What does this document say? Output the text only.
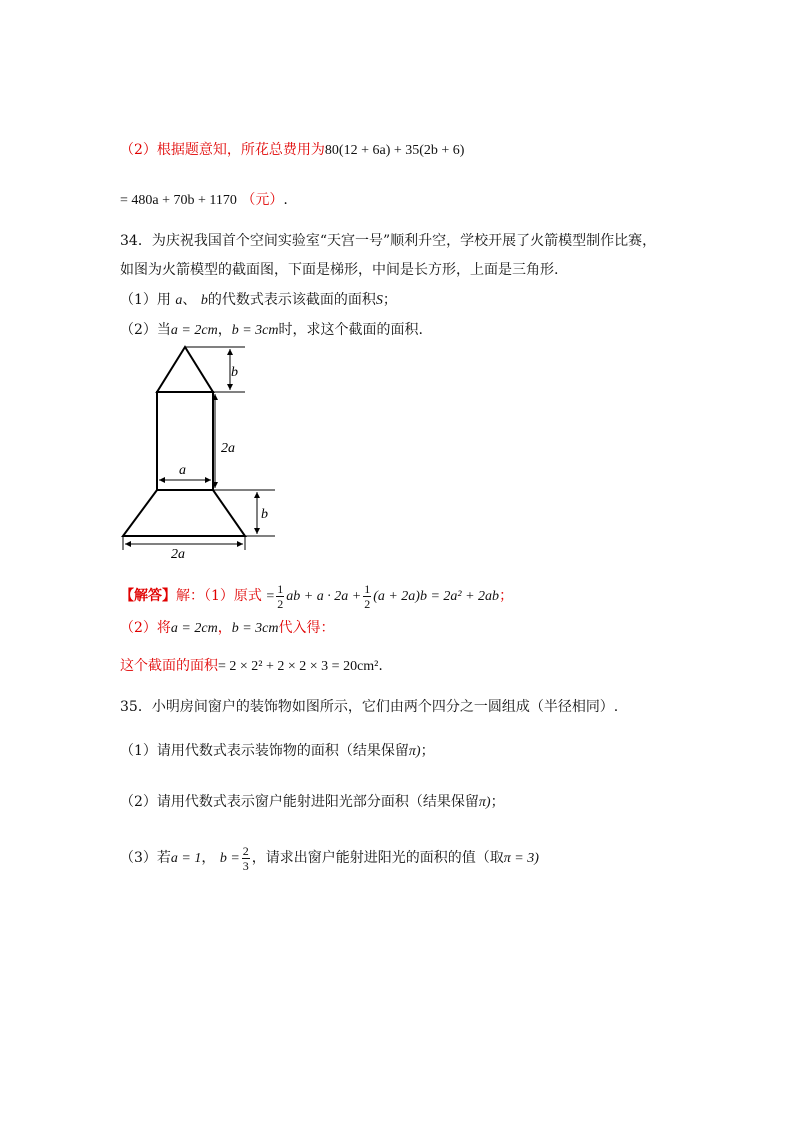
（2）根据题意知，所花总费用为80(12 + 6a) + 35(2b + 6)
= 480a + 70b + 1170 （元）.
34．为庆祝我国首个空间实验室“天宫一号”顺利升空，学校开展了火箭模型制作比赛，
如图为火箭模型的截面图，下面是梯形，中间是长方形，上面是三角形.
（1）用 a、 b的代数式表示该截面的面积S；
（2）当a = 2cm，b = 3cm时，求这个截面的面积.
b
2a
a
b
2a
【解答】解：（1）原式 = $\frac{1}{2}$ ab + $a \cdot 2a + \frac{1}{2} (a + 2a)b = 2a^2 + 2ab$；
（2）将a = 2cm，b = 3cm代入得：
这个截面的面积= 2 × 2² + 2 × 2 × 3 = 20cm².
35．小明房间窗户的装饰物如图所示，它们由两个四分之一圆组成（半径相同）.
（1）请用代数式表示装饰物的面积（结果保留π)；
（2）请用代数式表示窗户能射进阳光部分面积（结果保留π)；
（3）若a = 1， $b = \frac{2}{3}$ ，请求出窗户能射进阳光的面积的值（取π = 3)
